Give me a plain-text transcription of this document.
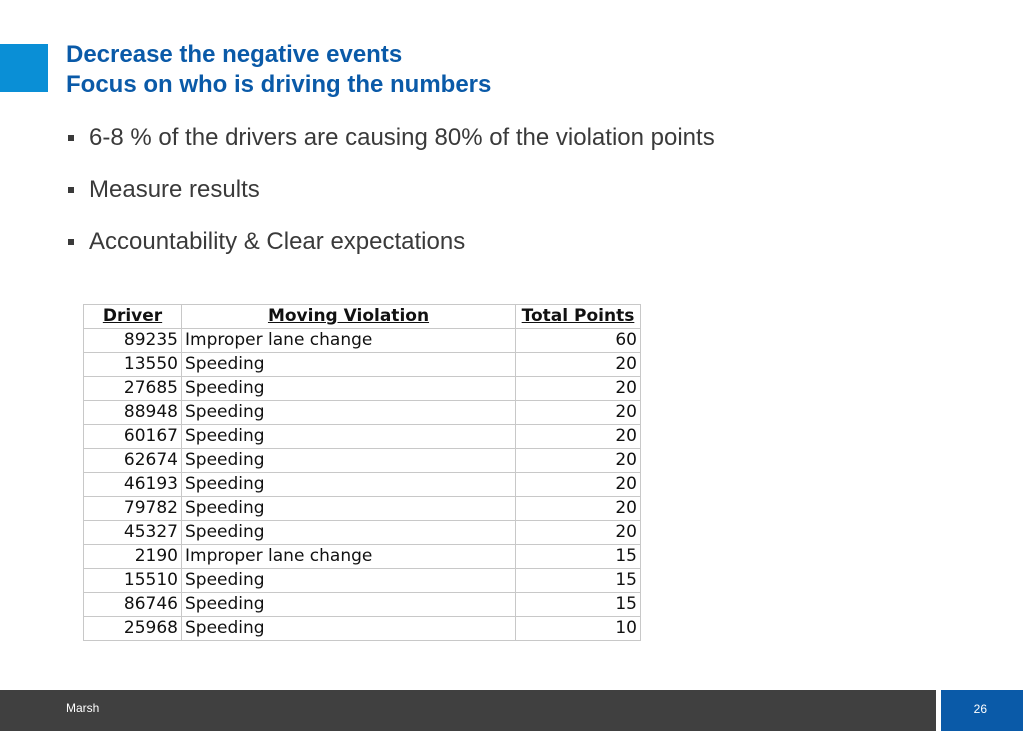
Decrease the negative events
Focus on who is driving the numbers
6-8 % of the drivers are causing 80% of the violation points
Measure results
Accountability & Clear expectations
Driver	Moving Violation	Total Points
89235	Improper lane change	60
13550	Speeding	20
27685	Speeding	20
88948	Speeding	20
60167	Speeding	20
62674	Speeding	20
46193	Speeding	20
79782	Speeding	20
45327	Speeding	20
2190	Improper lane change	15
15510	Speeding	15
86746	Speeding	15
25968	Speeding	10
Marsh	26
